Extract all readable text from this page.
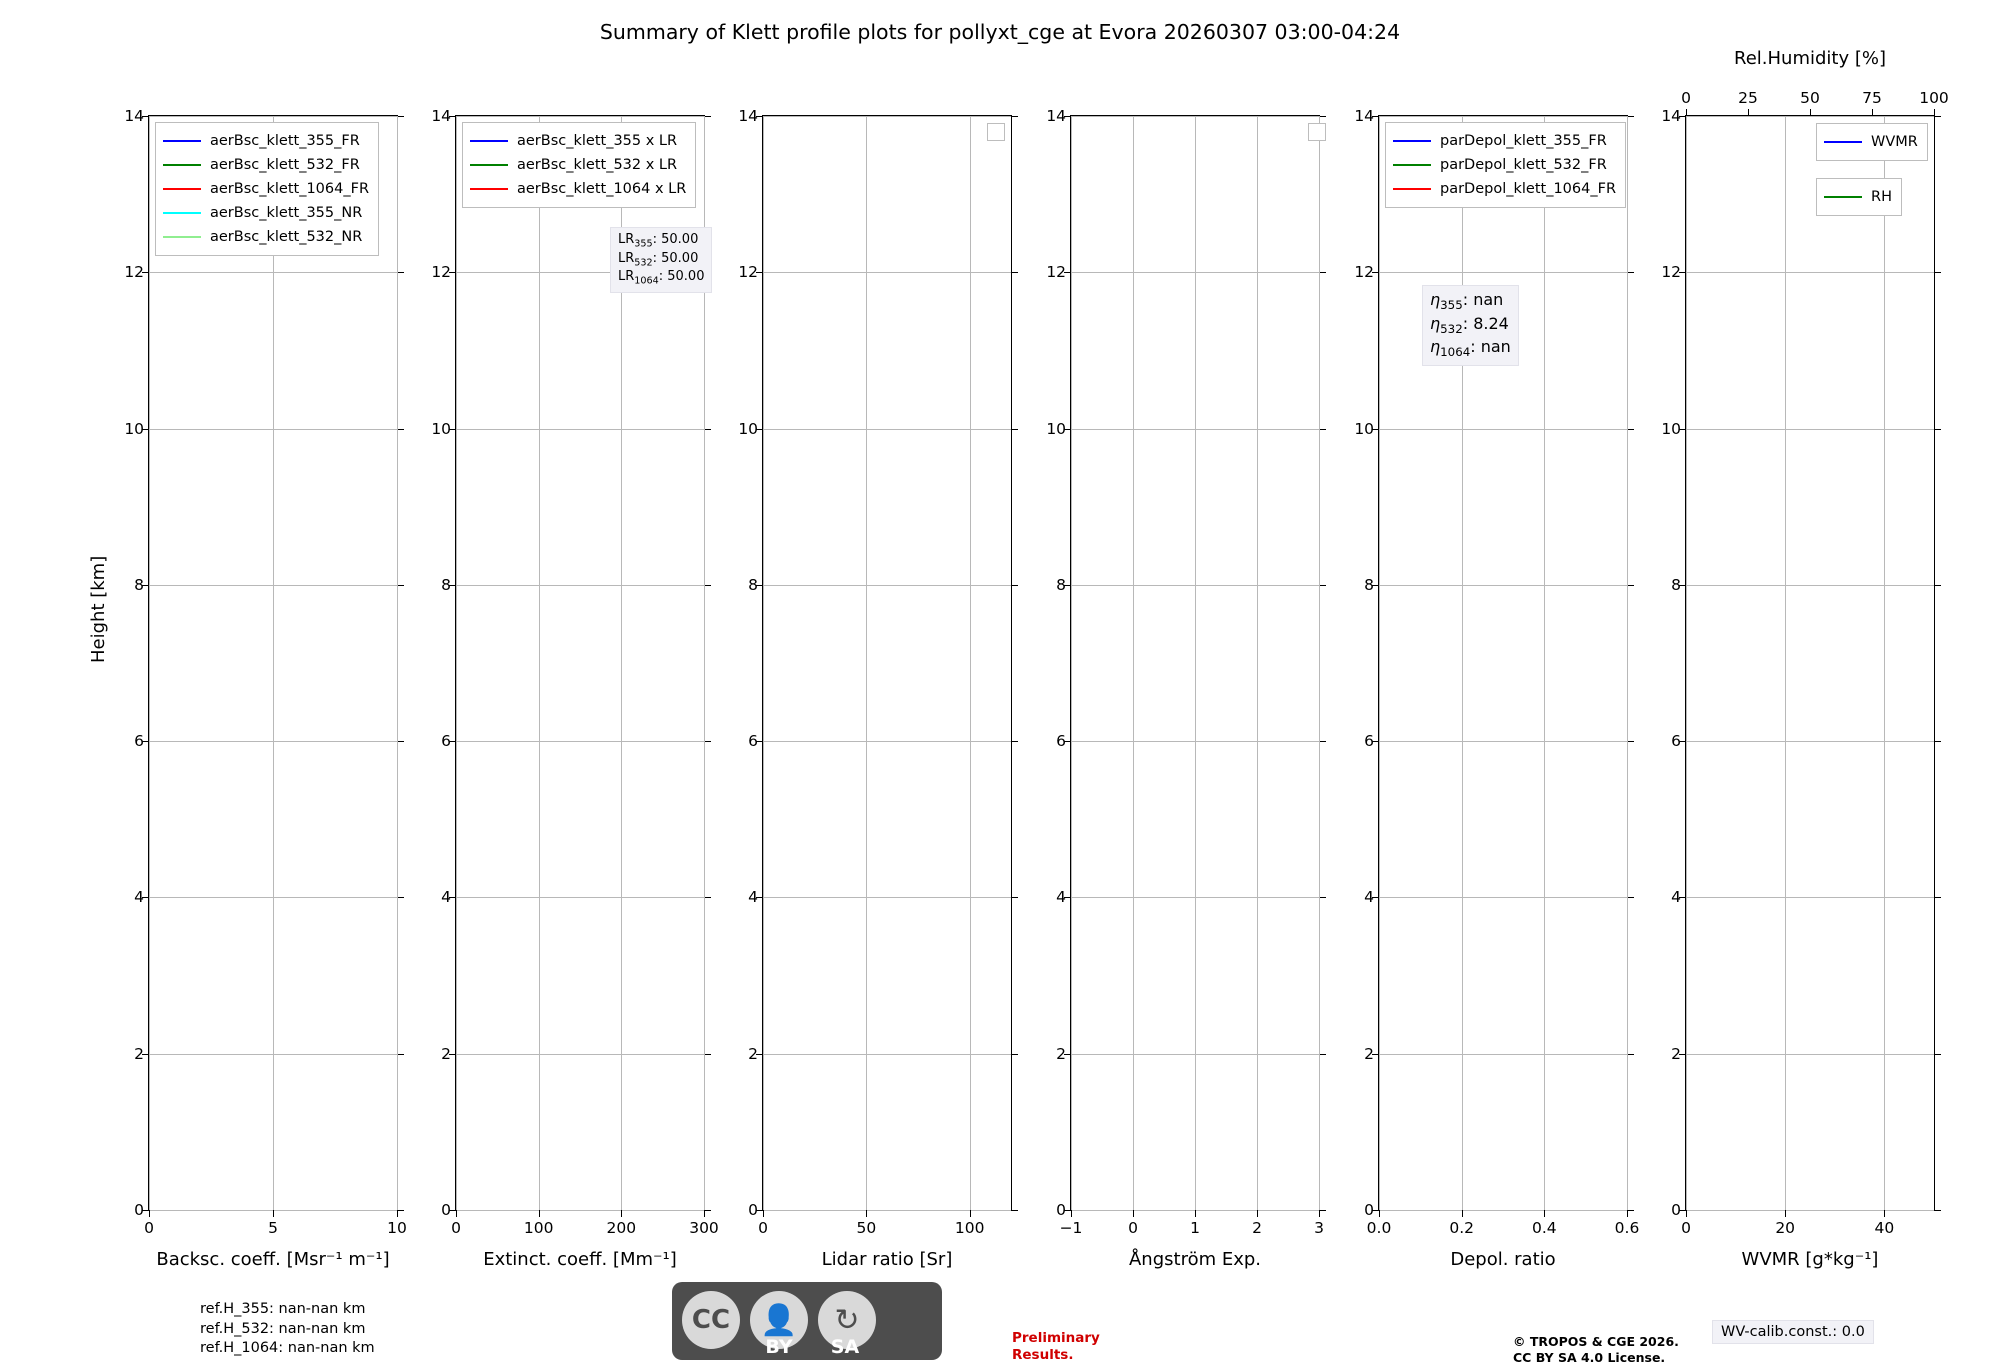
Summary of Klett profile plots for pollyxt_cge at Evora 20260307 03:00-04:24
Height [km]
0
2
4
6
8
10
12
14
0	5	10
aerBsc_klett_355_FR
aerBsc_klett_532_FR
aerBsc_klett_1064_FR
aerBsc_klett_355_NR
aerBsc_klett_532_NR
Backsc. coeff. [Msr⁻¹ m⁻¹]
0
2
4
6
8
10
12
14
0	100	200	300
aerBsc_klett_355 x LR
aerBsc_klett_532 x LR
aerBsc_klett_1064 x LR
$LR_{355}$: 50.00
$LR_{532}$: 50.00
$LR_{1064}$: 50.00
Extinct. coeff. [Mm⁻¹]
0
2
4
6
8
10
12
14
0	50	100
Lidar ratio [Sr]
0
2
4
6
8
10
12
14
−1	0	1	2	3
Ångström Exp.
0
2
4
6
8
10
12
14
0.0	0.2	0.4	0.6
parDepol_klett_355_FR
parDepol_klett_532_FR
parDepol_klett_1064_FR
$\eta_{355}$: nan
$\eta_{532}$: 8.24
$\eta_{1064}$: nan
Depol. ratio
0
2
4
6
8
10
12
14
0	20	40
0	25	50	75 100
WVMR
RH
Rel.Humidity [%]
WVMR [g*kg⁻¹]
ref.H_355: nan-nan km
ref.H_532: nan-nan km
ref.H_1064: nan-nan km
CC	👤	↻
BY	SA	Preliminary
Results.
© TROPOS & CGE 2026.
CC BY SA 4.0 License.
WV-calib.const.: 0.0
